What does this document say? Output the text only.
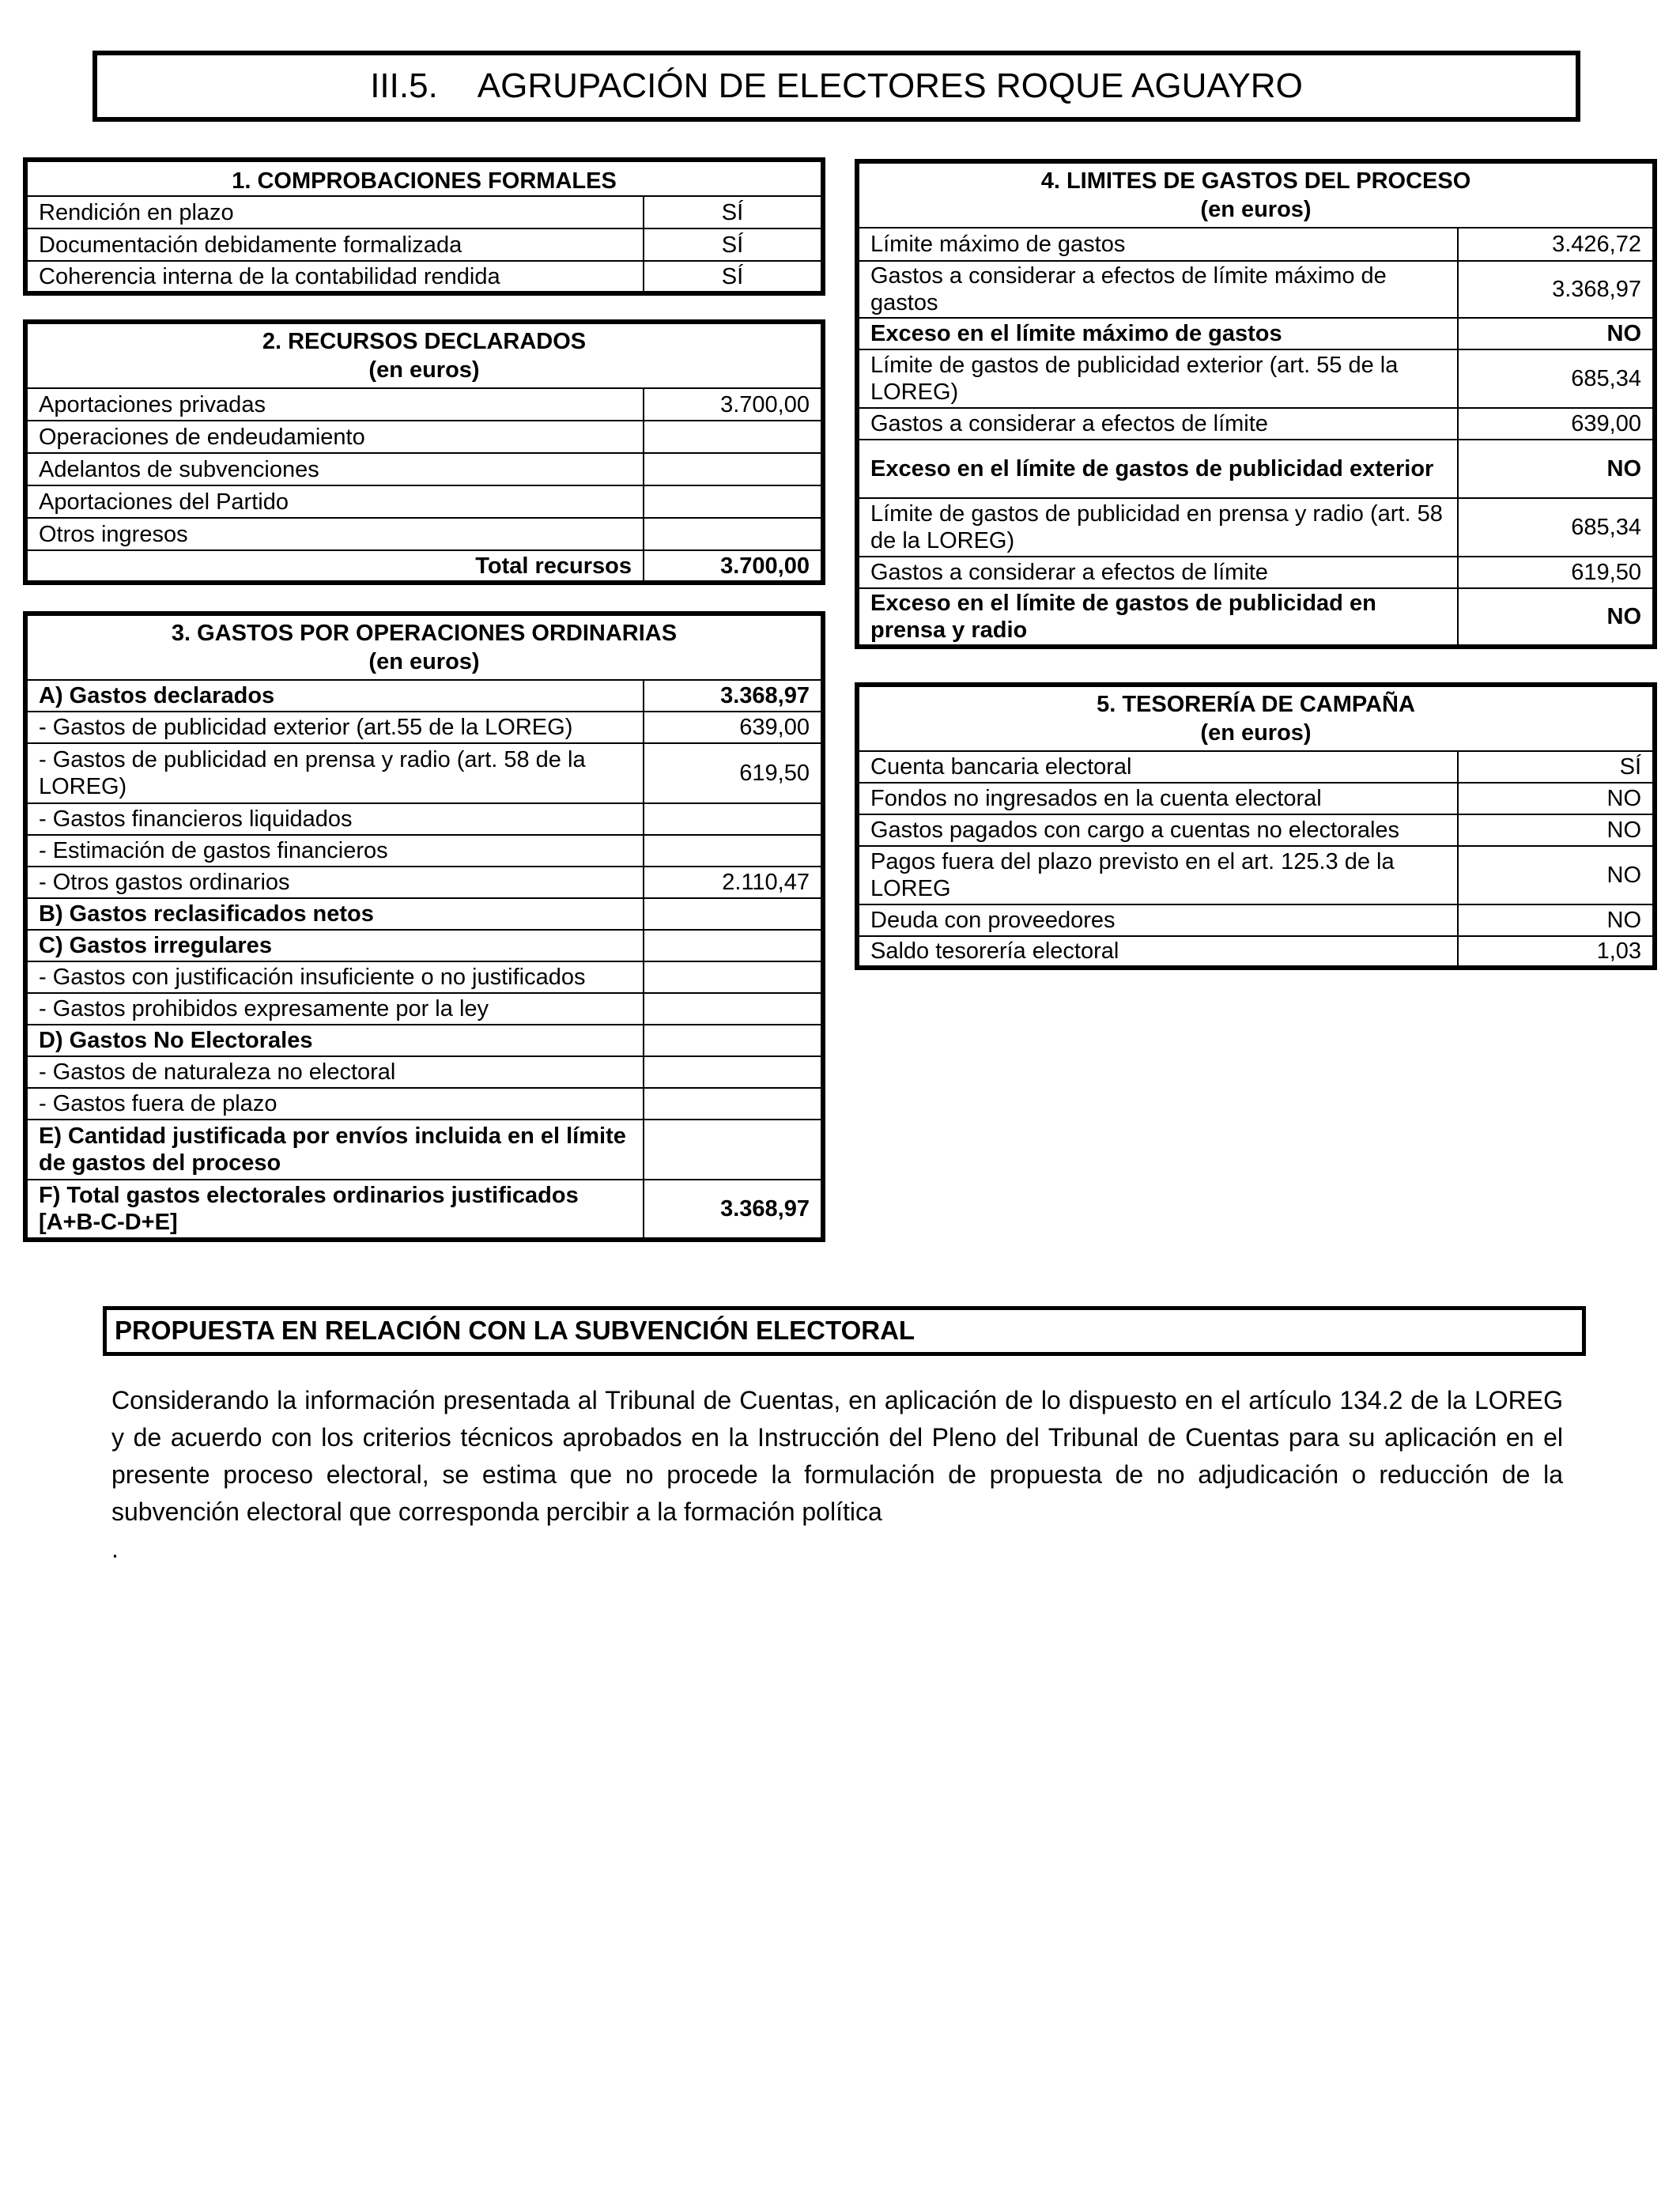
III.5. AGRUPACIÓN DE ELECTORES ROQUE AGUAYRO
1. COMPROBACIONES FORMALES	
Rendición en plazo	SÍ
Documentación debidamente formalizada	SÍ
Coherencia interna de la contabilidad rendida	SÍ
2. RECURSOS DECLARADOS
(en euros)	

Aportaciones privadas	3.700,00
Operaciones de endeudamiento	
Adelantos de subvenciones	
Aportaciones del Partido	
Otros ingresos	
Total recursos	3.700,00
3. GASTOS POR OPERACIONES ORDINARIAS
(en euros)	

A) Gastos declarados	3.368,97
- Gastos de publicidad exterior (art.55 de la LOREG)	639,00
- Gastos de publicidad en prensa y radio (art. 58 de la LOREG)	619,50
- Gastos financieros liquidados	
- Estimación de gastos financieros	
- Otros gastos ordinarios	2.110,47
B) Gastos reclasificados netos	
C) Gastos irregulares	
- Gastos con justificación insuficiente o no justificados	
- Gastos prohibidos expresamente por la ley	
D) Gastos No Electorales	
- Gastos de naturaleza no electoral	
- Gastos fuera de plazo	
E) Cantidad justificada por envíos incluida en el límite de gastos del proceso	
F) Total gastos electorales ordinarios justificados [A+B-C-D+E]	3.368,97
4. LIMITES DE GASTOS DEL PROCESO
(en euros)	

Límite máximo de gastos	3.426,72
Gastos a considerar a efectos de límite máximo de gastos	3.368,97
Exceso en el límite máximo de gastos	NO
Límite de gastos de publicidad exterior (art. 55 de la LOREG)	685,34
Gastos a considerar a efectos de límite	639,00
Exceso en el límite de gastos de publicidad exterior	NO
Límite de gastos de publicidad en prensa y radio (art. 58 de la LOREG)	685,34
Gastos a considerar a efectos de límite	619,50
Exceso en el límite de gastos de publicidad en prensa y radio	NO
5. TESORERÍA DE CAMPAÑA
(en euros)	

Cuenta bancaria electoral	SÍ
Fondos no ingresados en la cuenta electoral	NO
Gastos pagados con cargo a cuentas no electorales	NO
Pagos fuera del plazo previsto en el art. 125.3 de la LOREG	NO
Deuda con proveedores	NO
Saldo tesorería electoral	1,03
PROPUESTA EN RELACIÓN CON LA SUBVENCIÓN ELECTORAL

Considerando la información presentada al Tribunal de Cuentas, en aplicación de lo dispuesto en el artículo 134.2 de la LOREG y de acuerdo con los criterios técnicos aprobados en la Instrucción del Pleno del Tribunal de Cuentas para su aplicación en el presente proceso electoral, se estima que no procede la formulación de propuesta de no adjudicación o reducción de la subvención electoral que corresponda percibir a la formación política

.
